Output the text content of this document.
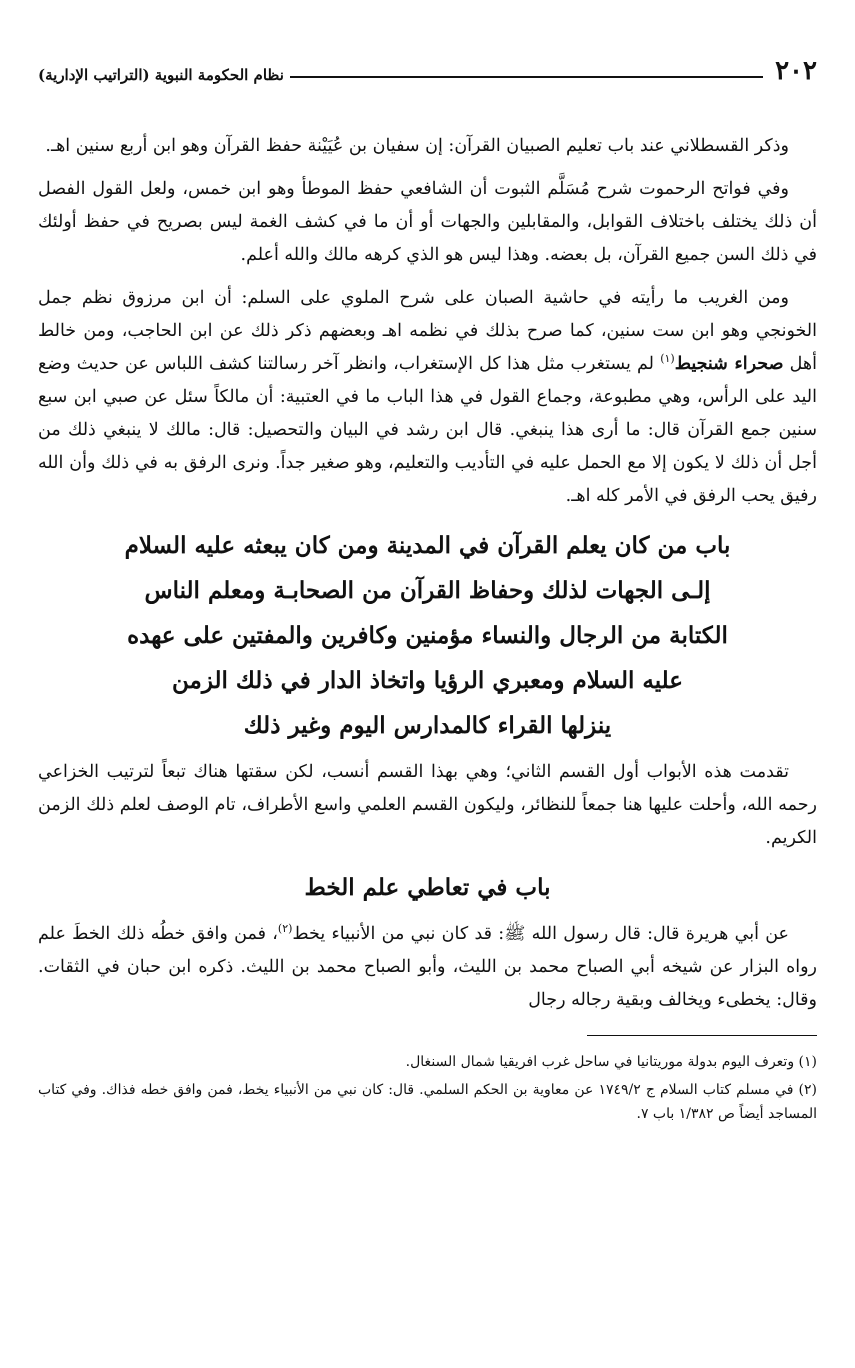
٢٠٢
نظام الحكومة النبوية (التراتيب الإدارية)

وذكر القسطلاني عند باب تعليم الصبيان القرآن: إن سفيان بن عُيَيْنة حفظ القرآن وهو ابن أربع سنين اهـ.

وفي فواتح الرحموت شرح مُسَلَّم الثبوت أن الشافعي حفظ الموطأ وهو ابن خمس، ولعل القول الفصل أن ذلك يختلف باختلاف القوابل، والمقابلين والجهات أو أن ما في كشف الغمة ليس بصريح في حفظ أولئك في ذلك السن جميع القرآن، بل بعضه. وهذا ليس هو الذي كرهه مالك والله أعلم.

ومن الغريب ما رأيته في حاشية الصبان على شرح الملوي على السلم: أن ابن مرزوق نظم جمل الخونجي وهو ابن ست سنين، كما صرح بذلك في نظمه اهـ وبعضهم ذكر ذلك عن ابن الحاجب، ومن خالط أهل صحراء شنجيط$^{(١)}$ لم يستغرب مثل هذا كل الإستغراب، وانظر آخر رسالتنا كشف اللباس عن حديث وضع اليد على الرأس، وهي مطبوعة، وجماع القول في هذا الباب ما في العتبية: أن مالكاً سئل عن صبي ابن سبع سنين جمع القرآن قال: ما أرى هذا ينبغي. قال ابن رشد في البيان والتحصيل: قال: مالك لا ينبغي ذلك من أجل أن ذلك لا يكون إلا مع الحمل عليه في التأديب والتعليم، وهو صغير جداً. ونرى الرفق به في ذلك وأن الله رفيق يحب الرفق في الأمر كله اهـ.

باب من كان يعلم القرآن في المدينة ومن كان يبعثه عليه السلام
إلـى الجهات لذلك وحفاظ القرآن من الصحابـة ومعلم الناس
الكتابة من الرجال والنساء مؤمنين وكافرين والمفتين على عهده
عليه السلام ومعبري الرؤيا واتخاذ الدار في ذلك الزمن
ينزلها القراء كالمدارس اليوم وغير ذلك

تقدمت هذه الأبواب أول القسم الثاني؛ وهي بهذا القسم أنسب، لكن سقتها هناك تبعاً لترتيب الخزاعي رحمه الله، وأحلت عليها هنا جمعاً للنظائر، وليكون القسم العلمي واسع الأطراف، تام الوصف لعلم ذلك الزمن الكريم.

باب في تعاطي علم الخط

عن أبي هريرة قال: قال رسول الله ﷺ: قد كان نبي من الأنبياء يخط$^{(٢)}$، فمن وافق خطُه ذلك الخطَ علم رواه البزار عن شيخه أبي الصباح محمد بن الليث، وأبو الصباح محمد بن الليث. ذكره ابن حبان في الثقات. وقال: يخطىء ويخالف وبقية رجاله رجال

(١) وتعرف اليوم بدولة موريتانيا في ساحل غرب افريقيا شمال السنغال.

(٢) في مسلم كتاب السلام ج ١٧٤٩/٢ عن معاوية بن الحكم السلمي. قال: كان نبي من الأنبياء يخط، فمن وافق خطه فذاك. وفي كتاب المساجد أيضاً ص ١/٣٨٢ باب ٧.
